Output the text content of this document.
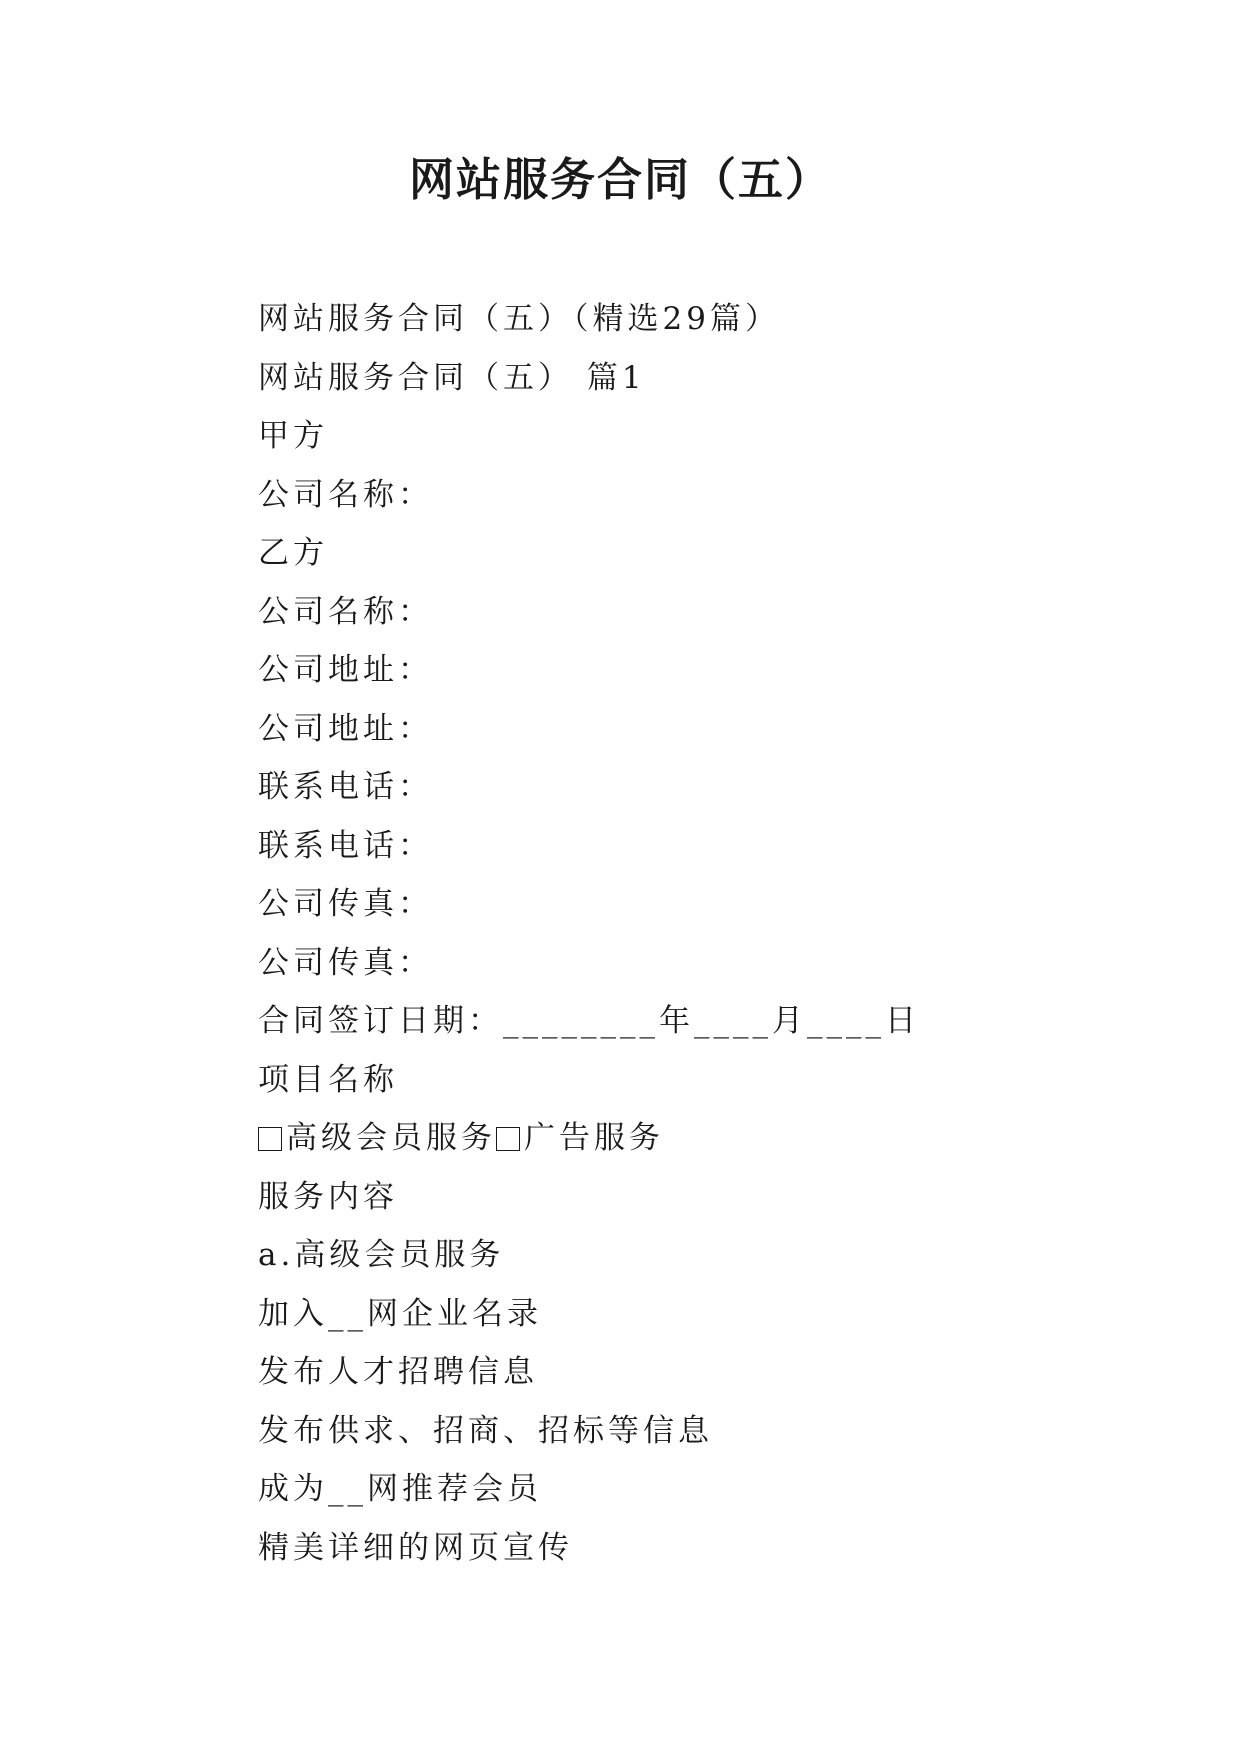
网站服务合同（五）
网站服务合同（五）（精选29篇）
网站服务合同（五） 篇1
甲方
公司名称：
乙方
公司名称：
公司地址：
公司地址：
联系电话：
联系电话：
公司传真：
公司传真：
合同签订日期：________年____月____日
项目名称
高级会员服务 广告服务
服务内容
a.高级会员服务
加入__网企业名录
发布人才招聘信息
发布供求、招商、招标等信息
成为__网推荐会员
精美详细的网页宣传
